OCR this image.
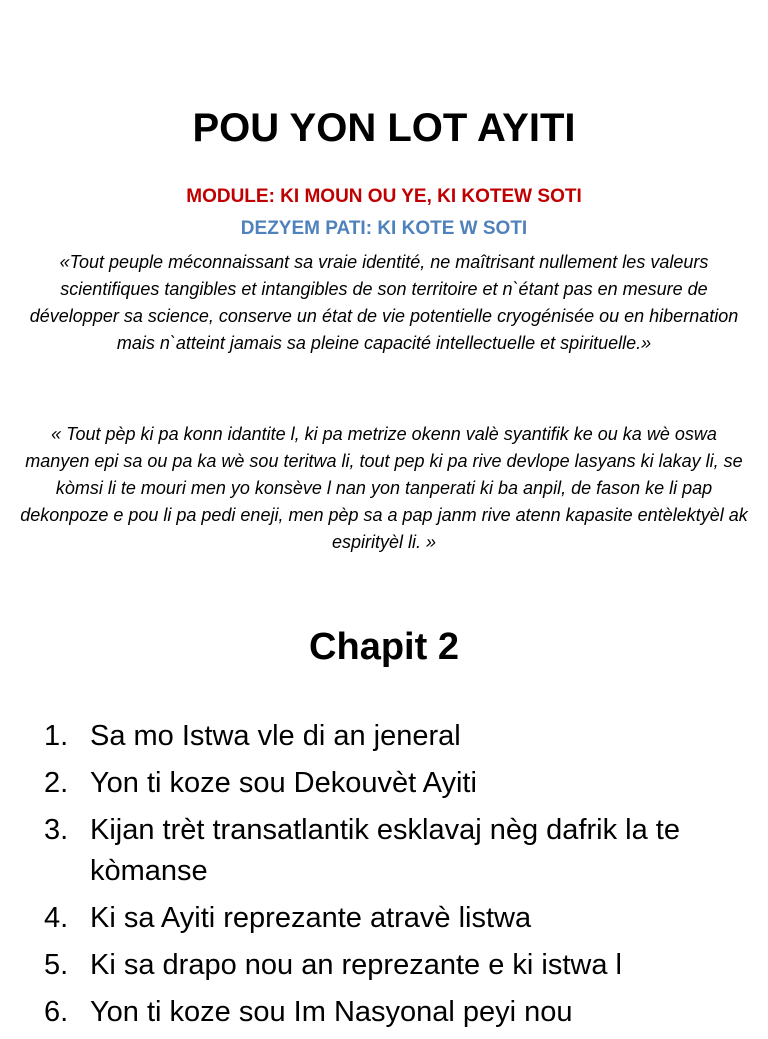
POU YON LOT AYITI
MODULE: KI MOUN OU YE, KI KOTEW SOTI
DEZYEM PATI: KI KOTE W SOTI
«Tout peuple méconnaissant sa vraie identité, ne maîtrisant nullement les valeurs scientifiques tangibles et intangibles de son territoire et n`étant pas en mesure de développer sa science, conserve un état de vie potentielle cryogénisée ou en hibernation mais n`atteint jamais sa pleine capacité intellectuelle et spirituelle.»
« Tout pèp ki pa konn idantite l, ki pa metrize okenn valè syantifik ke ou ka wè oswa manyen epi sa ou pa ka wè sou teritwa li, tout pep ki pa rive devlope lasyans ki lakay li, se kòmsi li te mouri men yo konsève l nan yon tanperati ki ba anpil, de fason ke li pap dekonpoze e pou li pa pedi eneji, men pèp sa a pap janm rive atenn kapasite entèlektyèl ak espirityèl li. »
Chapit 2
1. Sa mo Istwa vle di an jeneral
2. Yon ti koze sou Dekouvèt Ayiti
3. Kijan trèt transatlantik esklavaj nèg dafrik la te kòmanse
4. Ki sa Ayiti reprezante atravè listwa
5. Ki sa drapo nou an reprezante e ki istwa l
6. Yon ti koze sou Im Nasyonal peyi nou
